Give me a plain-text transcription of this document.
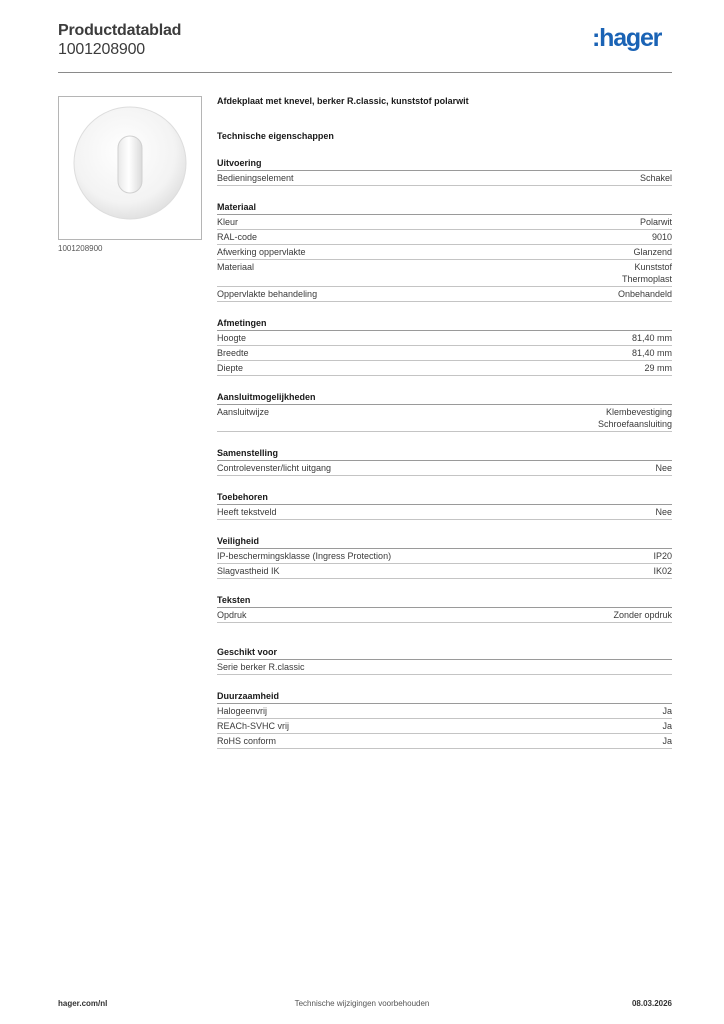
Productdatablad
1001208900	:hager
1001208900

Afdekplaat met knevel, berker R.classic, kunststof polarwit

Technische eigenschappen

Uitvoering
Bedieningselement	Schakel
Materiaal
Kleur	Polarwit
RAL-code	9010
Afwerking oppervlakte	Glanzend
Materiaal	Kunststof
Thermoplast
Oppervlakte behandeling	Onbehandeld
Afmetingen
Hoogte	81,40 mm
Breedte	81,40 mm
Diepte	29 mm
Aansluitmogelijkheden
Aansluitwijze	Klembevestiging
Schroefaansluiting
Samenstelling
Controlevenster/licht uitgang	Nee
Toebehoren
Heeft tekstveld	Nee
Veiligheid
IP-beschermingsklasse (Ingress Protection)	IP20
Slagvastheid IK	IK02
Teksten
Opdruk	Zonder opdruk
Geschikt voor
Serie berker R.classic
Duurzaamheid
Halogeenvrij	Ja
REACh-SVHC vrij	Ja
RoHS conform	Ja
hager.com/nl	Technische wijzigingen voorbehouden	08.03.2026
